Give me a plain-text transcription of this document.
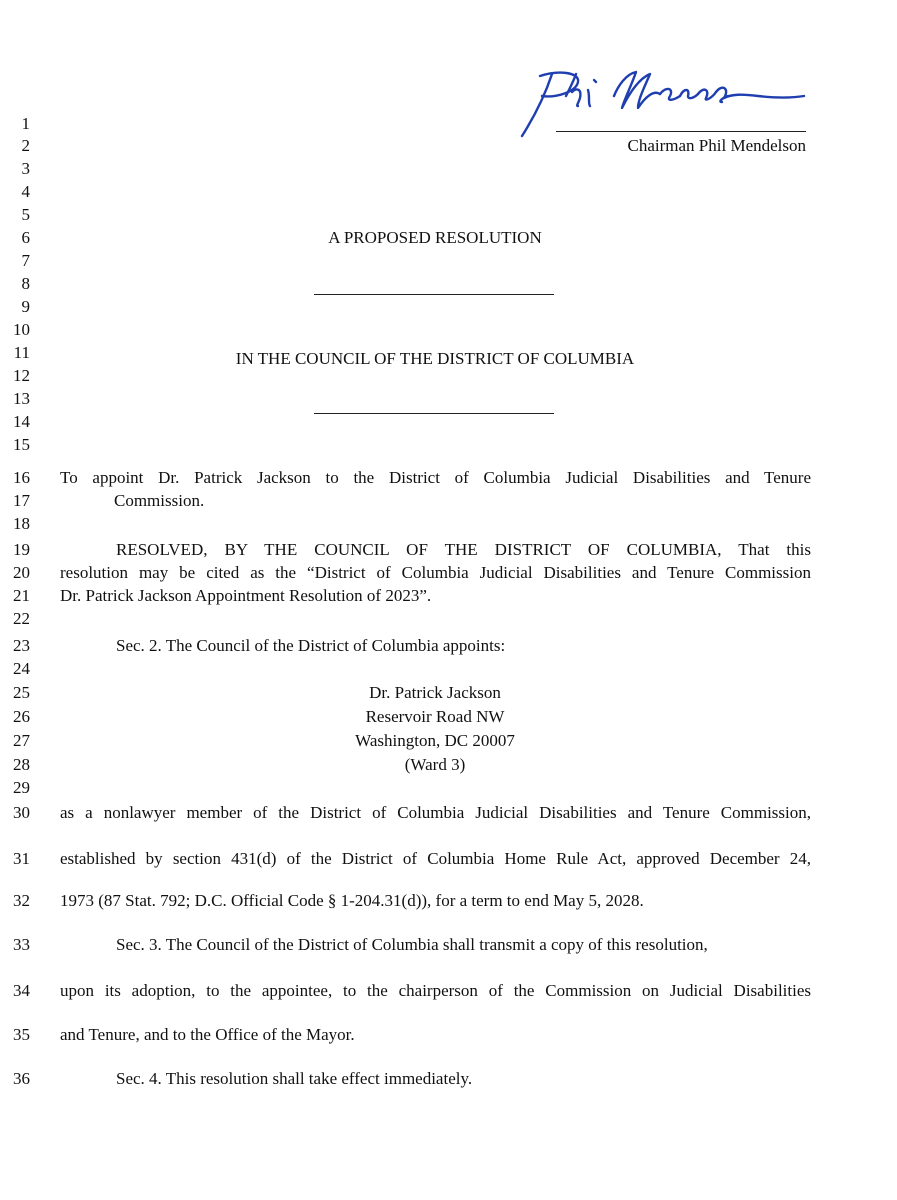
Chairman Phil Mendelson
1
2
3
4
5
6
7
8
9
10
11
12
13
14
15
16
17
18
19
20
21
22
23
24
25
26
27
28
29
30
31
32
33
34
35
36
A PROPOSED RESOLUTION
IN THE COUNCIL OF THE DISTRICT OF COLUMBIA
To appoint Dr. Patrick Jackson to the District of Columbia Judicial Disabilities and Tenure
Commission.
RESOLVED, BY THE COUNCIL OF THE DISTRICT OF COLUMBIA, That this
resolution may be cited as the “District of Columbia Judicial Disabilities and Tenure Commission
Dr. Patrick Jackson Appointment Resolution of 2023”.
Sec. 2. The Council of the District of Columbia appoints:
Dr. Patrick Jackson
Reservoir Road NW
Washington, DC 20007
(Ward 3)
as a nonlawyer member of the District of Columbia Judicial Disabilities and Tenure Commission,
established by section 431(d) of the District of Columbia Home Rule Act, approved December 24,
1973 (87 Stat. 792; D.C. Official Code § 1-204.31(d)), for a term to end May 5, 2028.
Sec. 3. The Council of the District of Columbia shall transmit a copy of this resolution,
upon its adoption, to the appointee, to the chairperson of the Commission on Judicial Disabilities
and Tenure, and to the Office of the Mayor.
Sec. 4. This resolution shall take effect immediately.
